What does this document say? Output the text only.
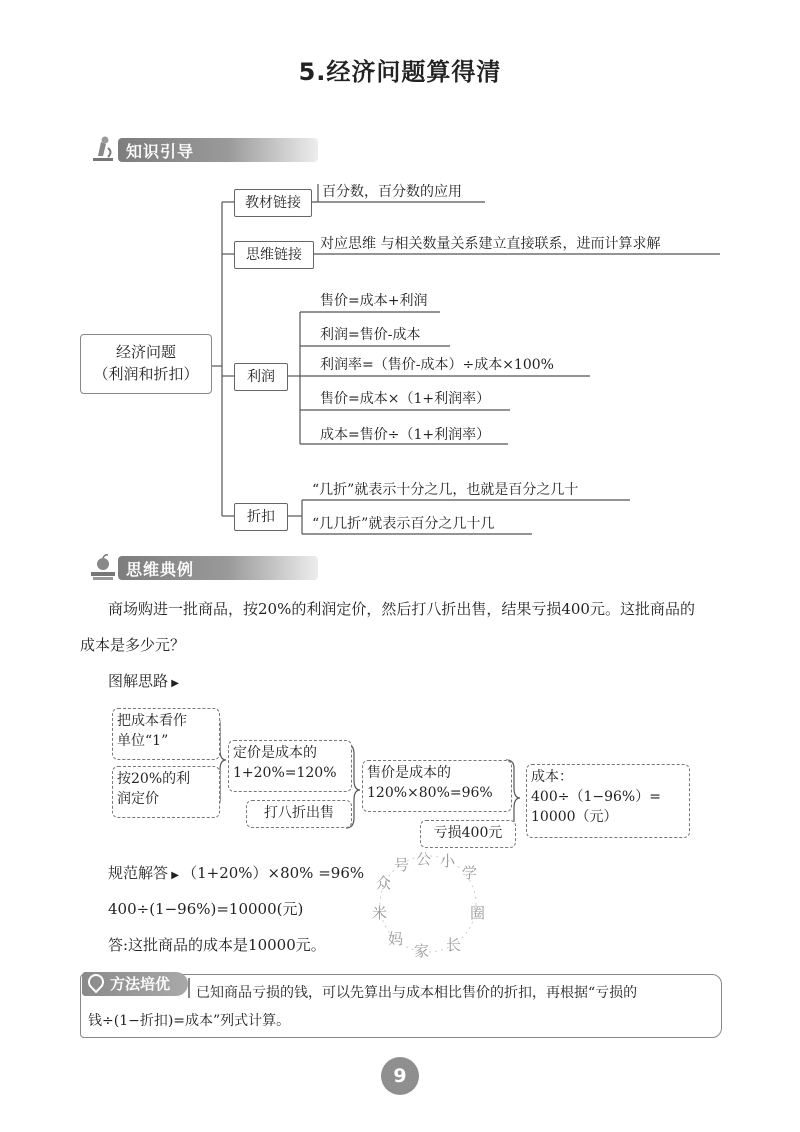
5.经济问题算得清
知识引导
经济问题
（利润和折扣）
教材链接
思维链接
利润
折扣
百分数，百分数的应用
对应思维 与相关数量关系建立直接联系，进而计算求解
售价=成本+利润
利润=售价-成本
利润率=（售价-成本）÷成本×100%
售价=成本×（1+利润率）
成本=售价÷（1+利润率）
“几折”就表示十分之几，也就是百分之几十
“几几折”就表示百分之几十几
思维典例
商场购进一批商品，按20%的利润定价，然后打八折出售，结果亏损400元。这批商品的
成本是多少元？
图解思路 ▶
把成本看作
单位“1”
按20%的利
润定价
定价是成本的
1+20%=120%
打八折出售
售价是成本的
120%×80%=96%
亏损400元
成本：
400÷（1−96%）=
10000（元）
规范解答 ▶ （1+20%）×80% =96%
400÷(1−96%)=10000(元)
答:这批商品的成本是10000元。
众
号 公 小
学
米	圈
妈
家 长
方法培优	已知商品亏损的钱，可以先算出与成本相比售价的折扣，再根据“亏损的
钱÷(1−折扣)=成本”列式计算。
9
